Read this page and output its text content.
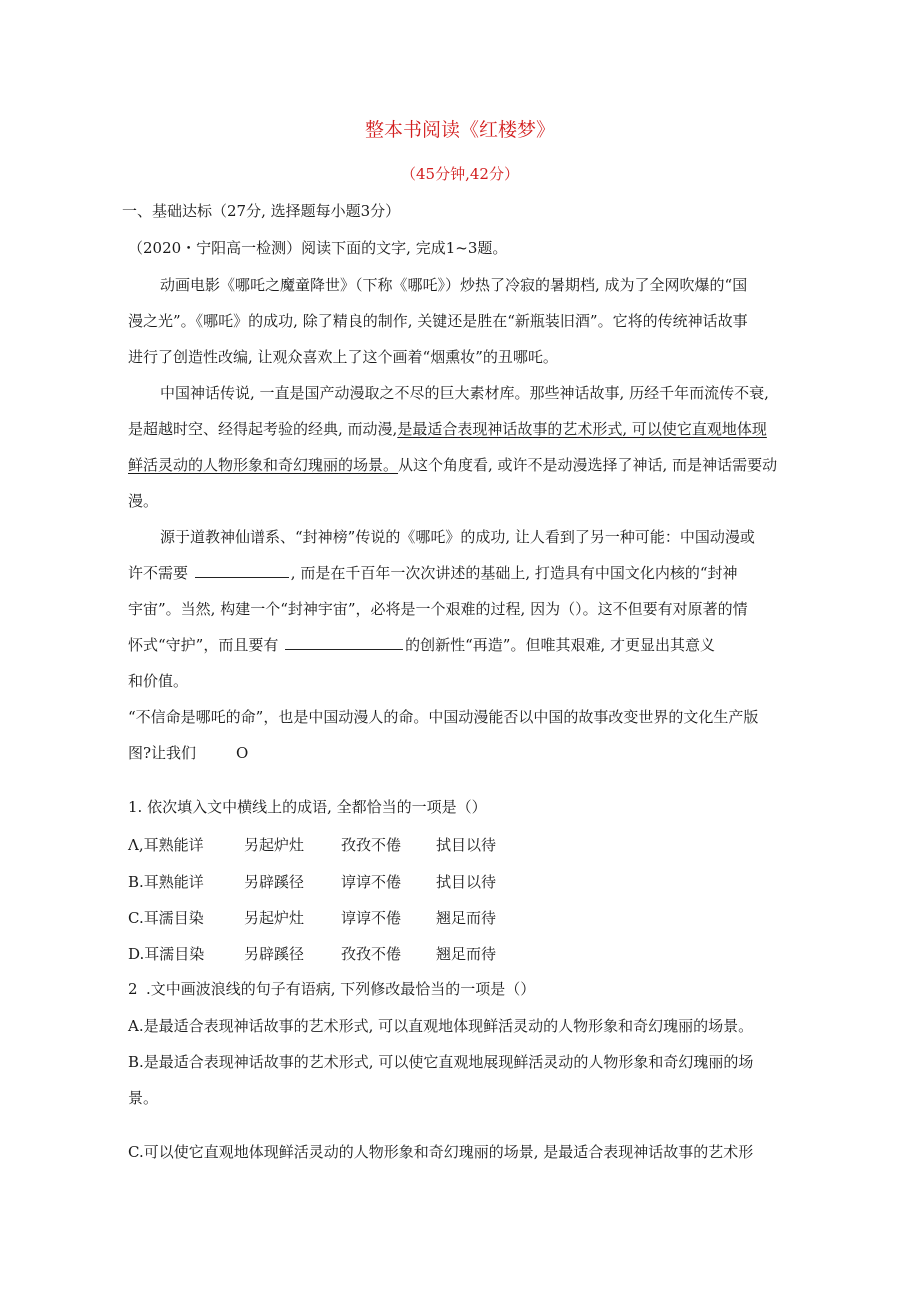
整本书阅读《红楼梦》
（45分钟,42分）
一、基础达标（27分, 选择题每小题3分）
（2020・宁阳高一检测）阅读下面的文字, 完成1~3题。
动画电影《哪吒之魔童降世》（下称《哪吒》）炒热了冷寂的暑期档, 成为了全网吹爆的“国
漫之光”。《哪吒》的成功, 除了精良的制作, 关键还是胜在“新瓶装旧酒”。它将的传统神话故事
进行了创造性改编, 让观众喜欢上了这个画着“烟熏妆”的丑哪吒。
中国神话传说, 一直是国产动漫取之不尽的巨大素材库。那些神话故事, 历经千年而流传不衰,
是超越时空、经得起考验的经典, 而动漫,是最适合表现神话故事的艺术形式, 可以使它直观地体现
鲜活灵动的人物形象和奇幻瑰丽的场景。从这个角度看, 或许不是动漫选择了神话, 而是神话需要动
漫。
源于道教神仙谱系、“封神榜”传说的《哪吒》的成功, 让人看到了另一种可能：中国动漫或
许不需要	, 而是在千百年一次次讲述的基础上, 打造具有中国文化内核的“封神
宇宙”。当然, 构建一个“封神宇宙”，必将是一个艰难的过程, 因为（）。这不但要有对原著的情
怀式“守护”，而且要有	的创新性“再造”。但唯其艰难, 才更显出其意义
和价值。
“不信命是哪吒的命”，也是中国动漫人的命。中国动漫能否以中国的故事改变世界的文化生产版
图?让我们	O
1. 依次填入文中横线上的成语, 全都恰当的一项是（）
Λ,耳熟能详	另起炉灶 孜孜不倦 拭目以待
B.耳熟能详	另辟蹊径 谆谆不倦 拭目以待
C.耳濡目染	另起炉灶 谆谆不倦 翘足而待
D.耳濡目染	另辟蹊径 孜孜不倦 翘足而待
2 .文中画波浪线的句子有语病, 下列修改最恰当的一项是（）
A.是最适合表现神话故事的艺术形式, 可以直观地体现鲜活灵动的人物形象和奇幻瑰丽的场景。
B.是最适合表现神话故事的艺术形式, 可以使它直观地展现鲜活灵动的人物形象和奇幻瑰丽的场
景。
C.可以使它直观地体现鲜活灵动的人物形象和奇幻瑰丽的场景, 是最适合表现神话故事的艺术形
